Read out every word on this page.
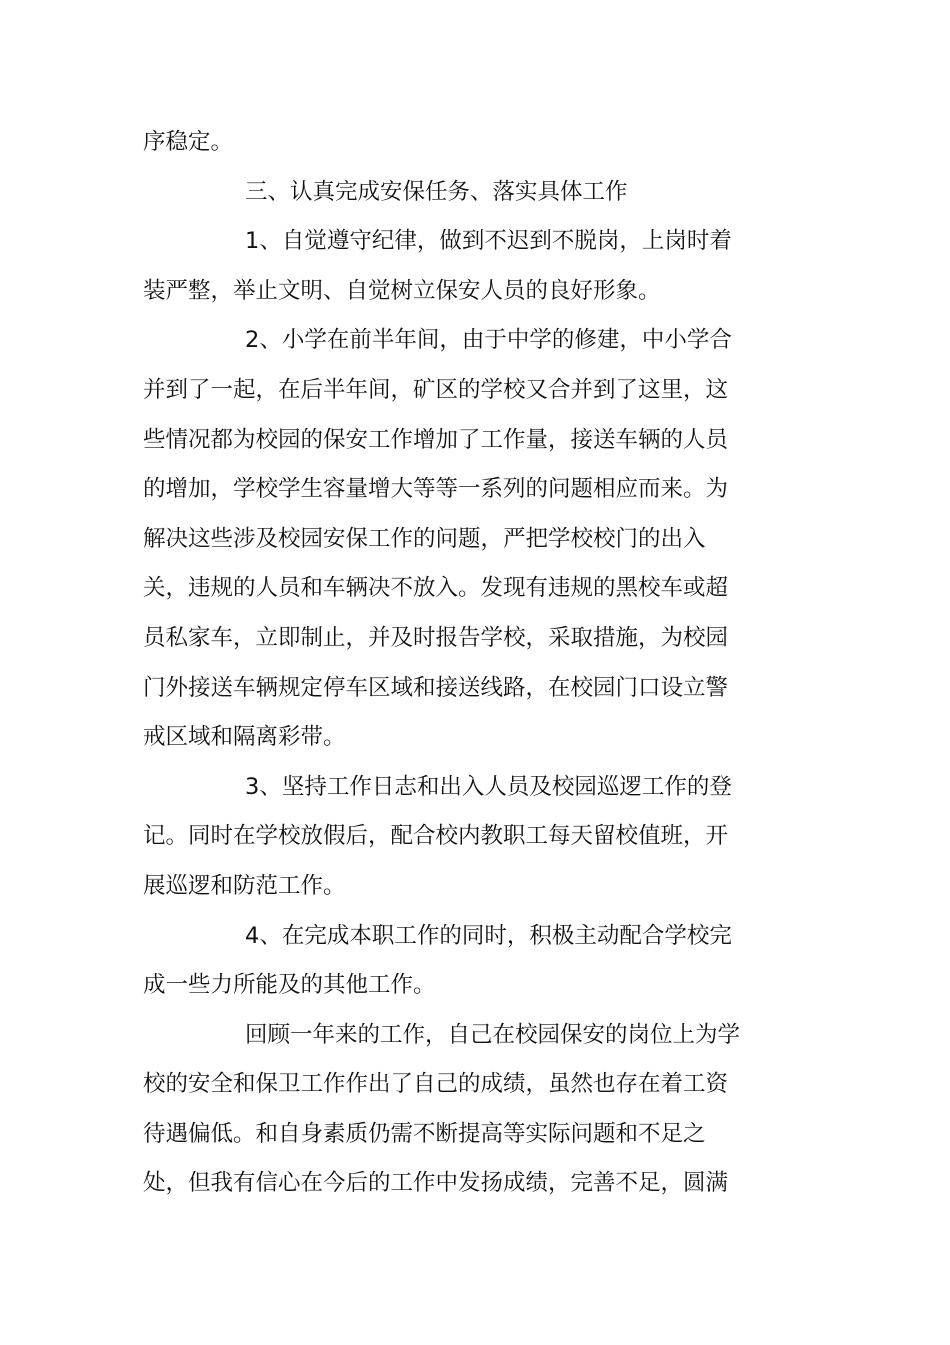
序稳定。
三、认真完成安保任务、落实具体工作
1、自觉遵守纪律，做到不迟到不脱岗，上岗时着
装严整，举止文明、自觉树立保安人员的良好形象。
2、小学在前半年间，由于中学的修建，中小学合
并到了一起，在后半年间，矿区的学校又合并到了这里，这
些情况都为校园的保安工作增加了工作量，接送车辆的人员
的增加，学校学生容量增大等等一系列的问题相应而来。为
解决这些涉及校园安保工作的问题，严把学校校门的出入
关，违规的人员和车辆决不放入。发现有违规的黑校车或超
员私家车，立即制止，并及时报告学校，采取措施，为校园
门外接送车辆规定停车区域和接送线路，在校园门口设立警
戒区域和隔离彩带。
3、坚持工作日志和出入人员及校园巡逻工作的登
记。同时在学校放假后，配合校内教职工每天留校值班，开
展巡逻和防范工作。
4、在完成本职工作的同时，积极主动配合学校完
成一些力所能及的其他工作。
回顾一年来的工作，自己在校园保安的岗位上为学
校的安全和保卫工作作出了自己的成绩，虽然也存在着工资
待遇偏低。和自身素质仍需不断提高等实际问题和不足之
处，但我有信心在今后的工作中发扬成绩，完善不足，圆满
